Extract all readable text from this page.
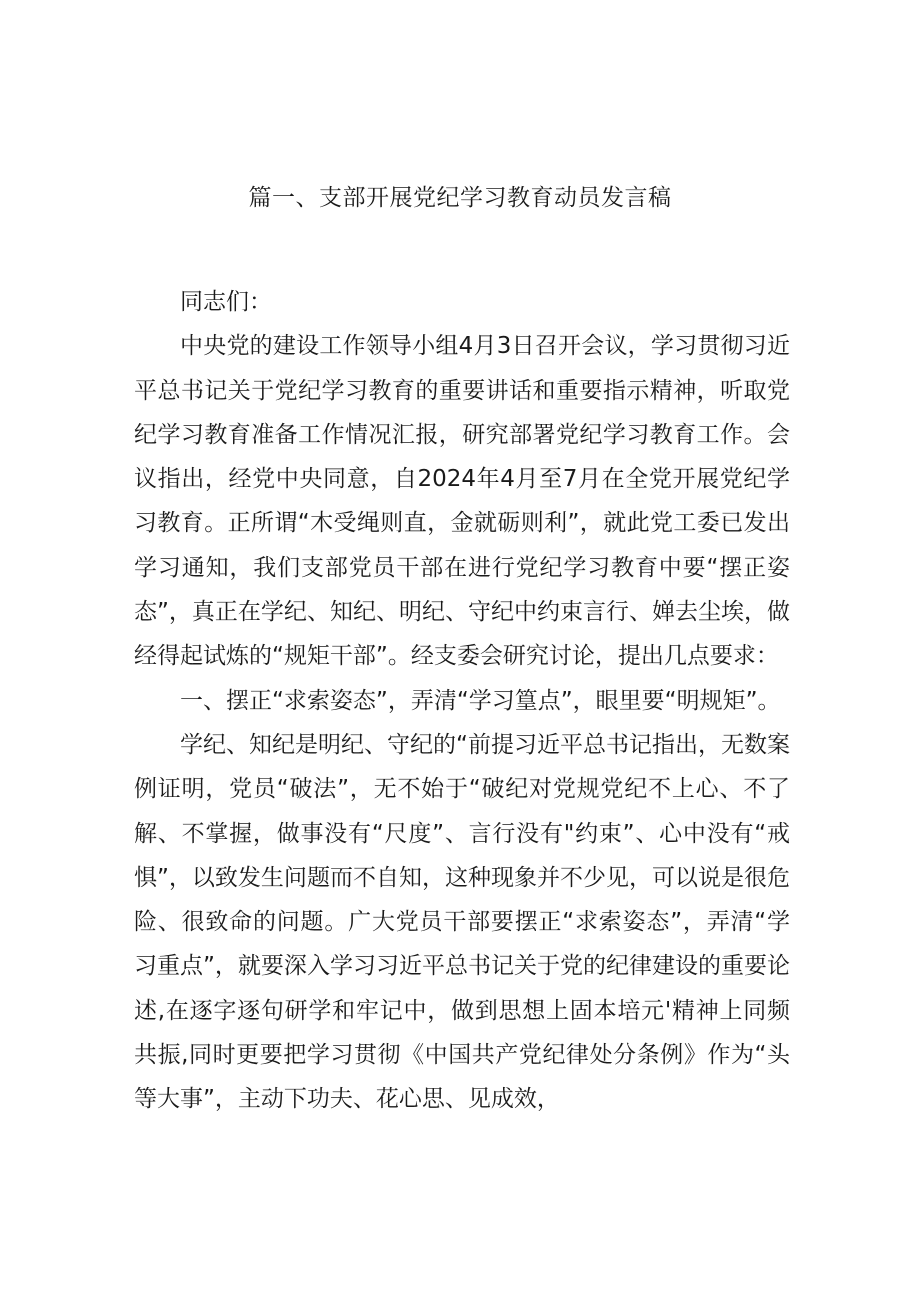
篇一、支部开展党纪学习教育动员发言稿

同志们：

中央党的建设工作领导小组4月3日召开会议，学习贯彻习近平总书记关于党纪学习教育的重要讲话和重要指示精神，听取党纪学习教育准备工作情况汇报，研究部署党纪学习教育工作。会议指出，经党中央同意，自2024年4月至7月在全党开展党纪学习教育。正所谓“木受绳则直，金就砺则利”，就此党工委已发出学习通知，我们支部党员干部在进行党纪学习教育中要“摆正姿态”，真正在学纪、知纪、明纪、守纪中约束言行、婵去尘埃，做经得起试炼的“规矩干部”。经支委会研究讨论，提出几点要求：

一、摆正“求索姿态”，弄清“学习篁点”，眼里要“明规矩”。

学纪、知纪是明纪、守纪的“前提习近平总书记指出，无数案例证明，党员“破法”，无不始于“破纪对党规党纪不上心、不了解、不掌握，做事没有“尺度”、言行没有"约束”、心中没有“戒惧”，以致发生问题而不自知，这种现象并不少见，可以说是很危险、很致命的问题。广大党员干部要摆正“求索姿态”，弄清“学习重点”，就要深入学习习近平总书记关于党的纪律建设的重要论述,在逐字逐句研学和牢记中，做到思想上固本培元'精神上同频共振,同时更要把学习贯彻《中国共产党纪律处分条例》作为“头等大事”，主动下功夫、花心思、见成效，
